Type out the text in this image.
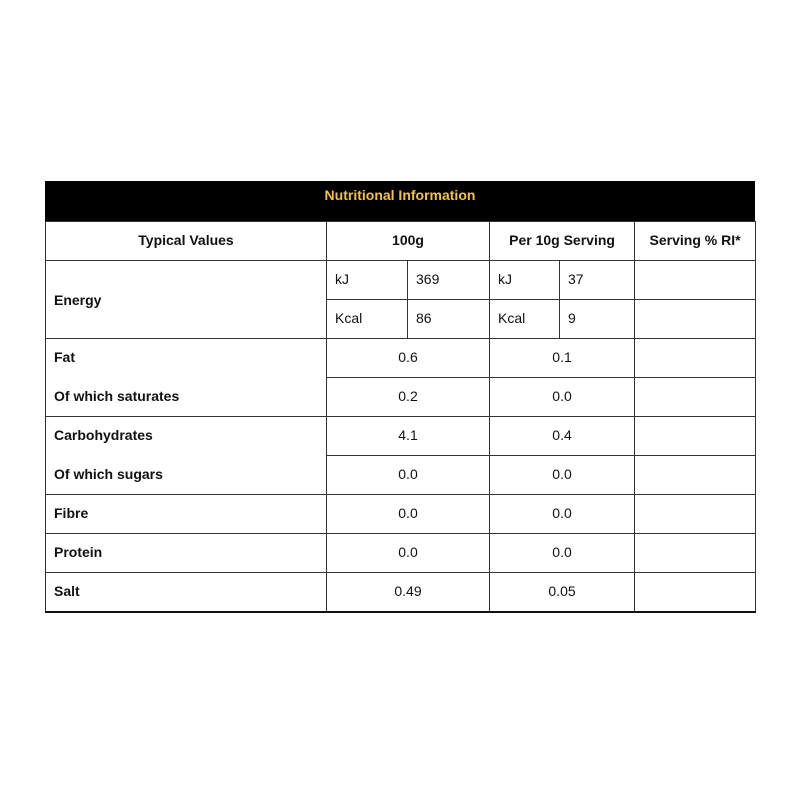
Nutritional Information
Typical Values	100g		Per 10g Serving		Serving % RI*
Energy	kJ	369	kJ	37	
	Kcal	86	Kcal	9	
Fat	0.6		0.1		
Of which saturates	0.2		0.0		
Carbohydrates	4.1		0.4		
Of which sugars	0.0		0.0		
Fibre	0.0		0.0		
Protein	0.0		0.0		
Salt	0.49		0.05		
